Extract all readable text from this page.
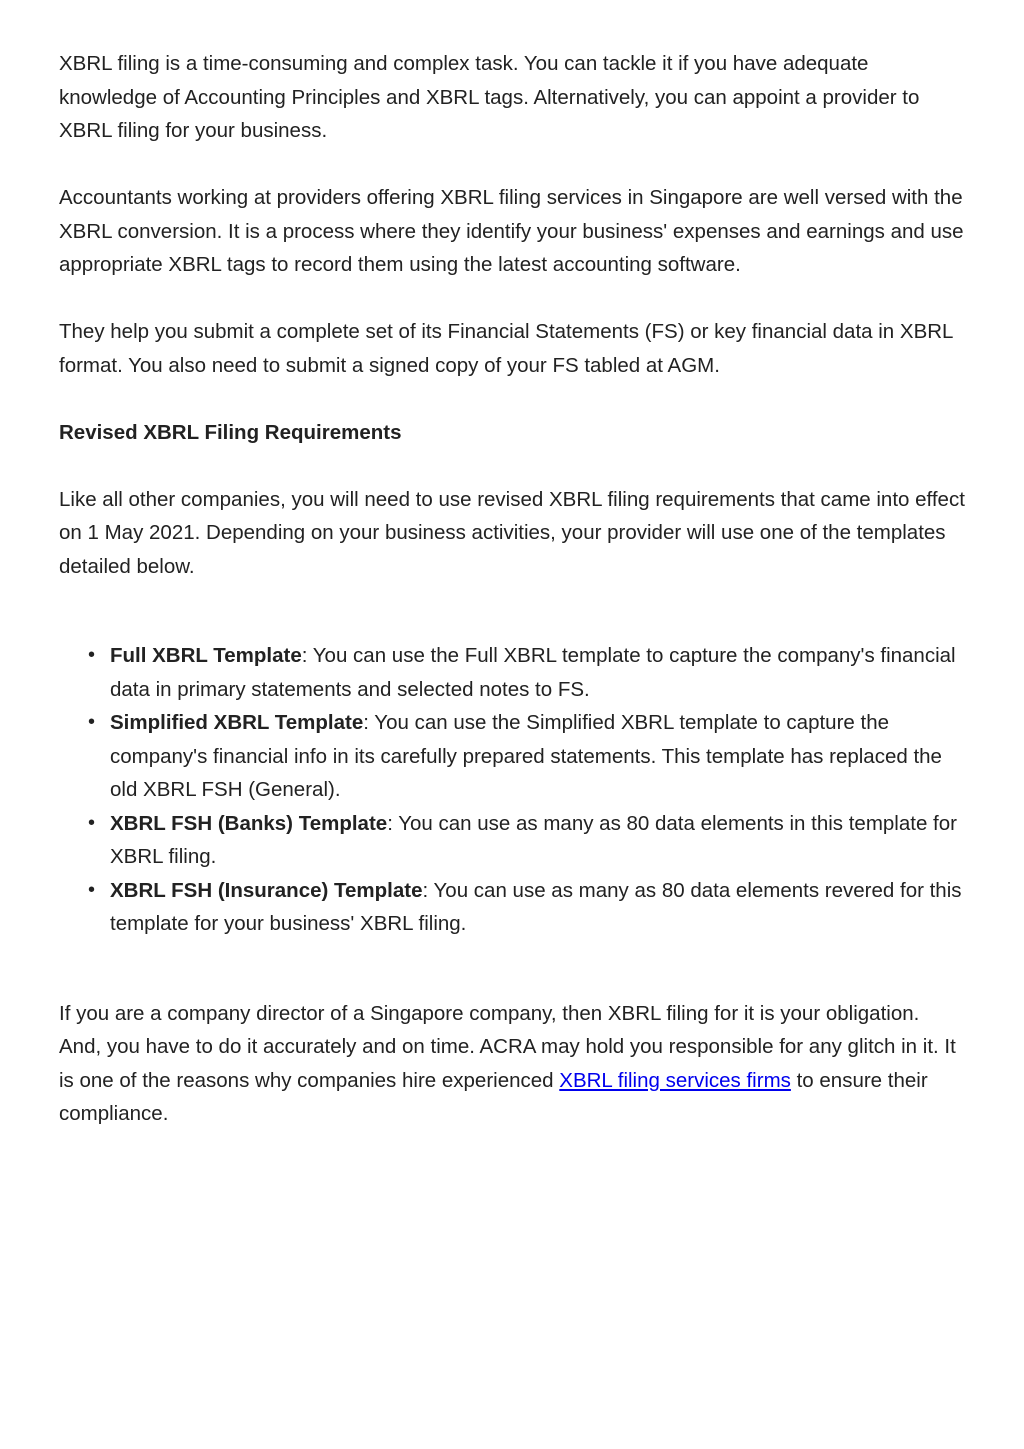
XBRL filing is a time-consuming and complex task. You can tackle it if you have adequate knowledge of Accounting Principles and XBRL tags. Alternatively, you can appoint a provider to XBRL filing for your business.

Accountants working at providers offering XBRL filing services in Singapore are well versed with the XBRL conversion. It is a process where they identify your business' expenses and earnings and use appropriate XBRL tags to record them using the latest accounting software.

They help you submit a complete set of its Financial Statements (FS) or key financial data in XBRL format. You also need to submit a signed copy of your FS tabled at AGM.

Revised XBRL Filing Requirements

Like all other companies, you will need to use revised XBRL filing requirements that came into effect on 1 May 2021. Depending on your business activities, your provider will use one of the templates detailed below.

• Full XBRL Template: You can use the Full XBRL template to capture the company's financial data in primary statements and selected notes to FS.
• Simplified XBRL Template: You can use the Simplified XBRL template to capture the company's financial info in its carefully prepared statements. This template has replaced the old XBRL FSH (General).
• XBRL FSH (Banks) Template: You can use as many as 80 data elements in this template for XBRL filing.
• XBRL FSH (Insurance) Template: You can use as many as 80 data elements revered for this template for your business' XBRL filing.

If you are a company director of a Singapore company, then XBRL filing for it is your obligation. And, you have to do it accurately and on time. ACRA may hold you responsible for any glitch in it. It is one of the reasons why companies hire experienced XBRL filing services firms to ensure their compliance.
